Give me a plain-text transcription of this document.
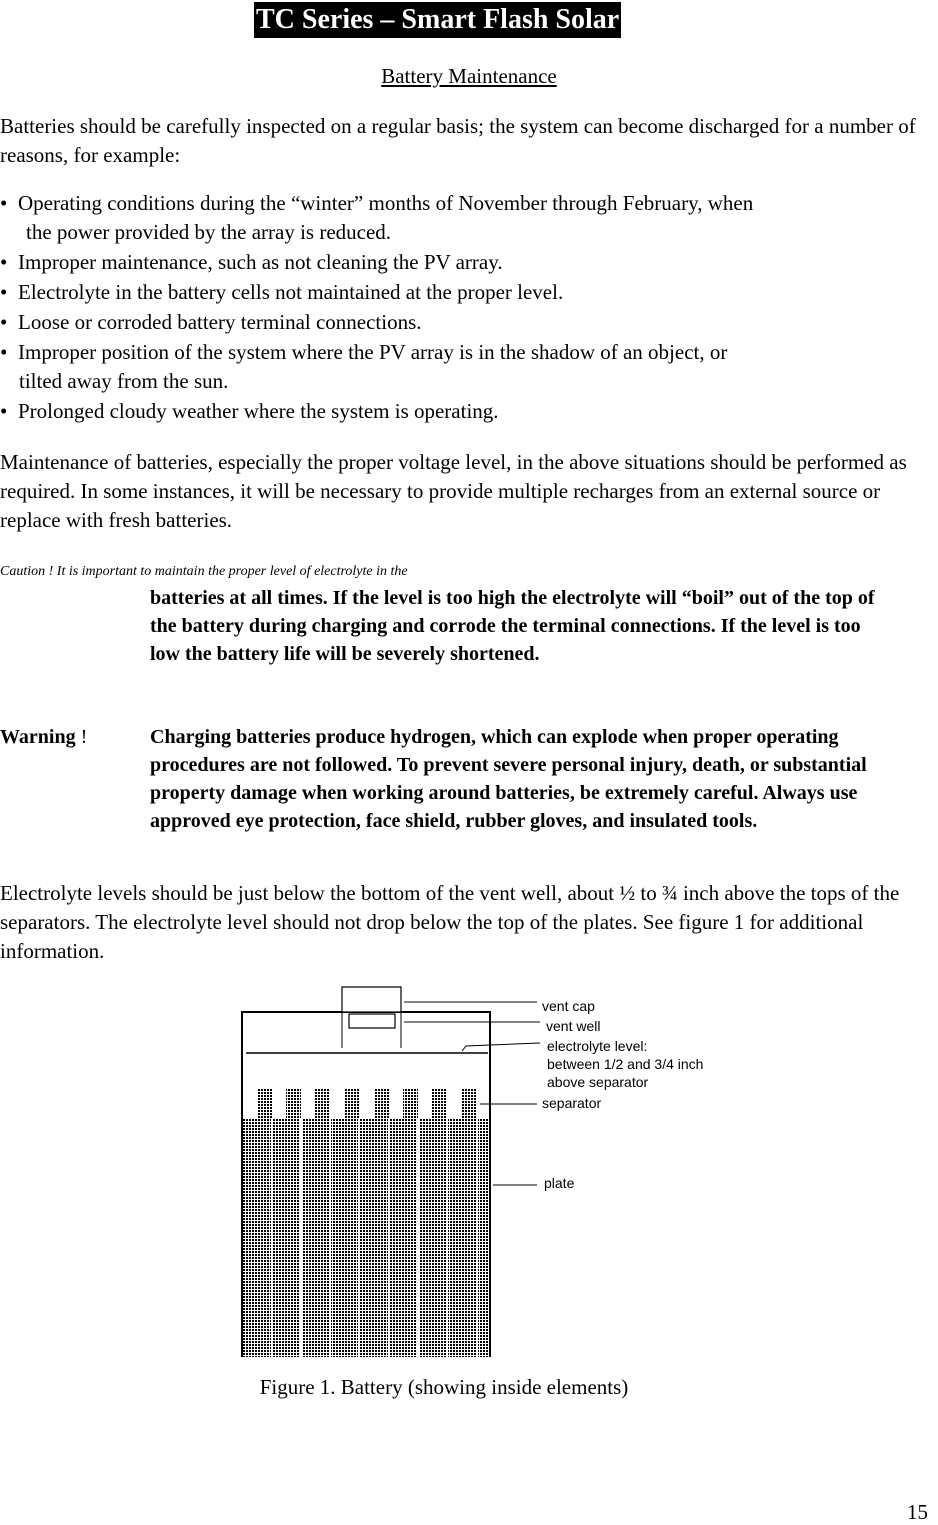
TC Series – Smart Flash Solar
Battery Maintenance
Batteries should be carefully inspected on a regular basis; the system can become discharged for a number of reasons, for example:
• Operating conditions during the “winter” months of November through February, when
the power provided by the array is reduced.
• Improper maintenance, such as not cleaning the PV array.
• Electrolyte in the battery cells not maintained at the proper level.
• Loose or corroded battery terminal connections.
• Improper position of the system where the PV array is in the shadow of an object, or
tilted away from the sun.
• Prolonged cloudy weather where the system is operating.
Maintenance of batteries, especially the proper voltage level, in the above situations should be performed as required. In some instances, it will be necessary to provide multiple recharges from an external source or replace with fresh batteries.
Caution ! It is important to maintain the proper level of electrolyte in the
batteries at all times. If the level is too high the electrolyte will “boil” out of the top of the battery during charging and corrode the terminal connections. If the level is too low the battery life will be severely shortened.
Warning !	Charging batteries produce hydrogen, which can explode when proper operating procedures are not followed. To prevent severe personal injury, death, or substantial property damage when working around batteries, be extremely careful. Always use approved eye protection, face shield, rubber gloves, and insulated tools.
Electrolyte levels should be just below the bottom of the vent well, about ½ to ¾ inch above the tops of the separators. The electrolyte level should not drop below the top of the plates. See figure 1 for additional information.
vent cap
vent well
electrolyte level:
between 1/2 and 3/4 inch
above separator
separator
plate
Figure 1. Battery (showing inside elements)
15
